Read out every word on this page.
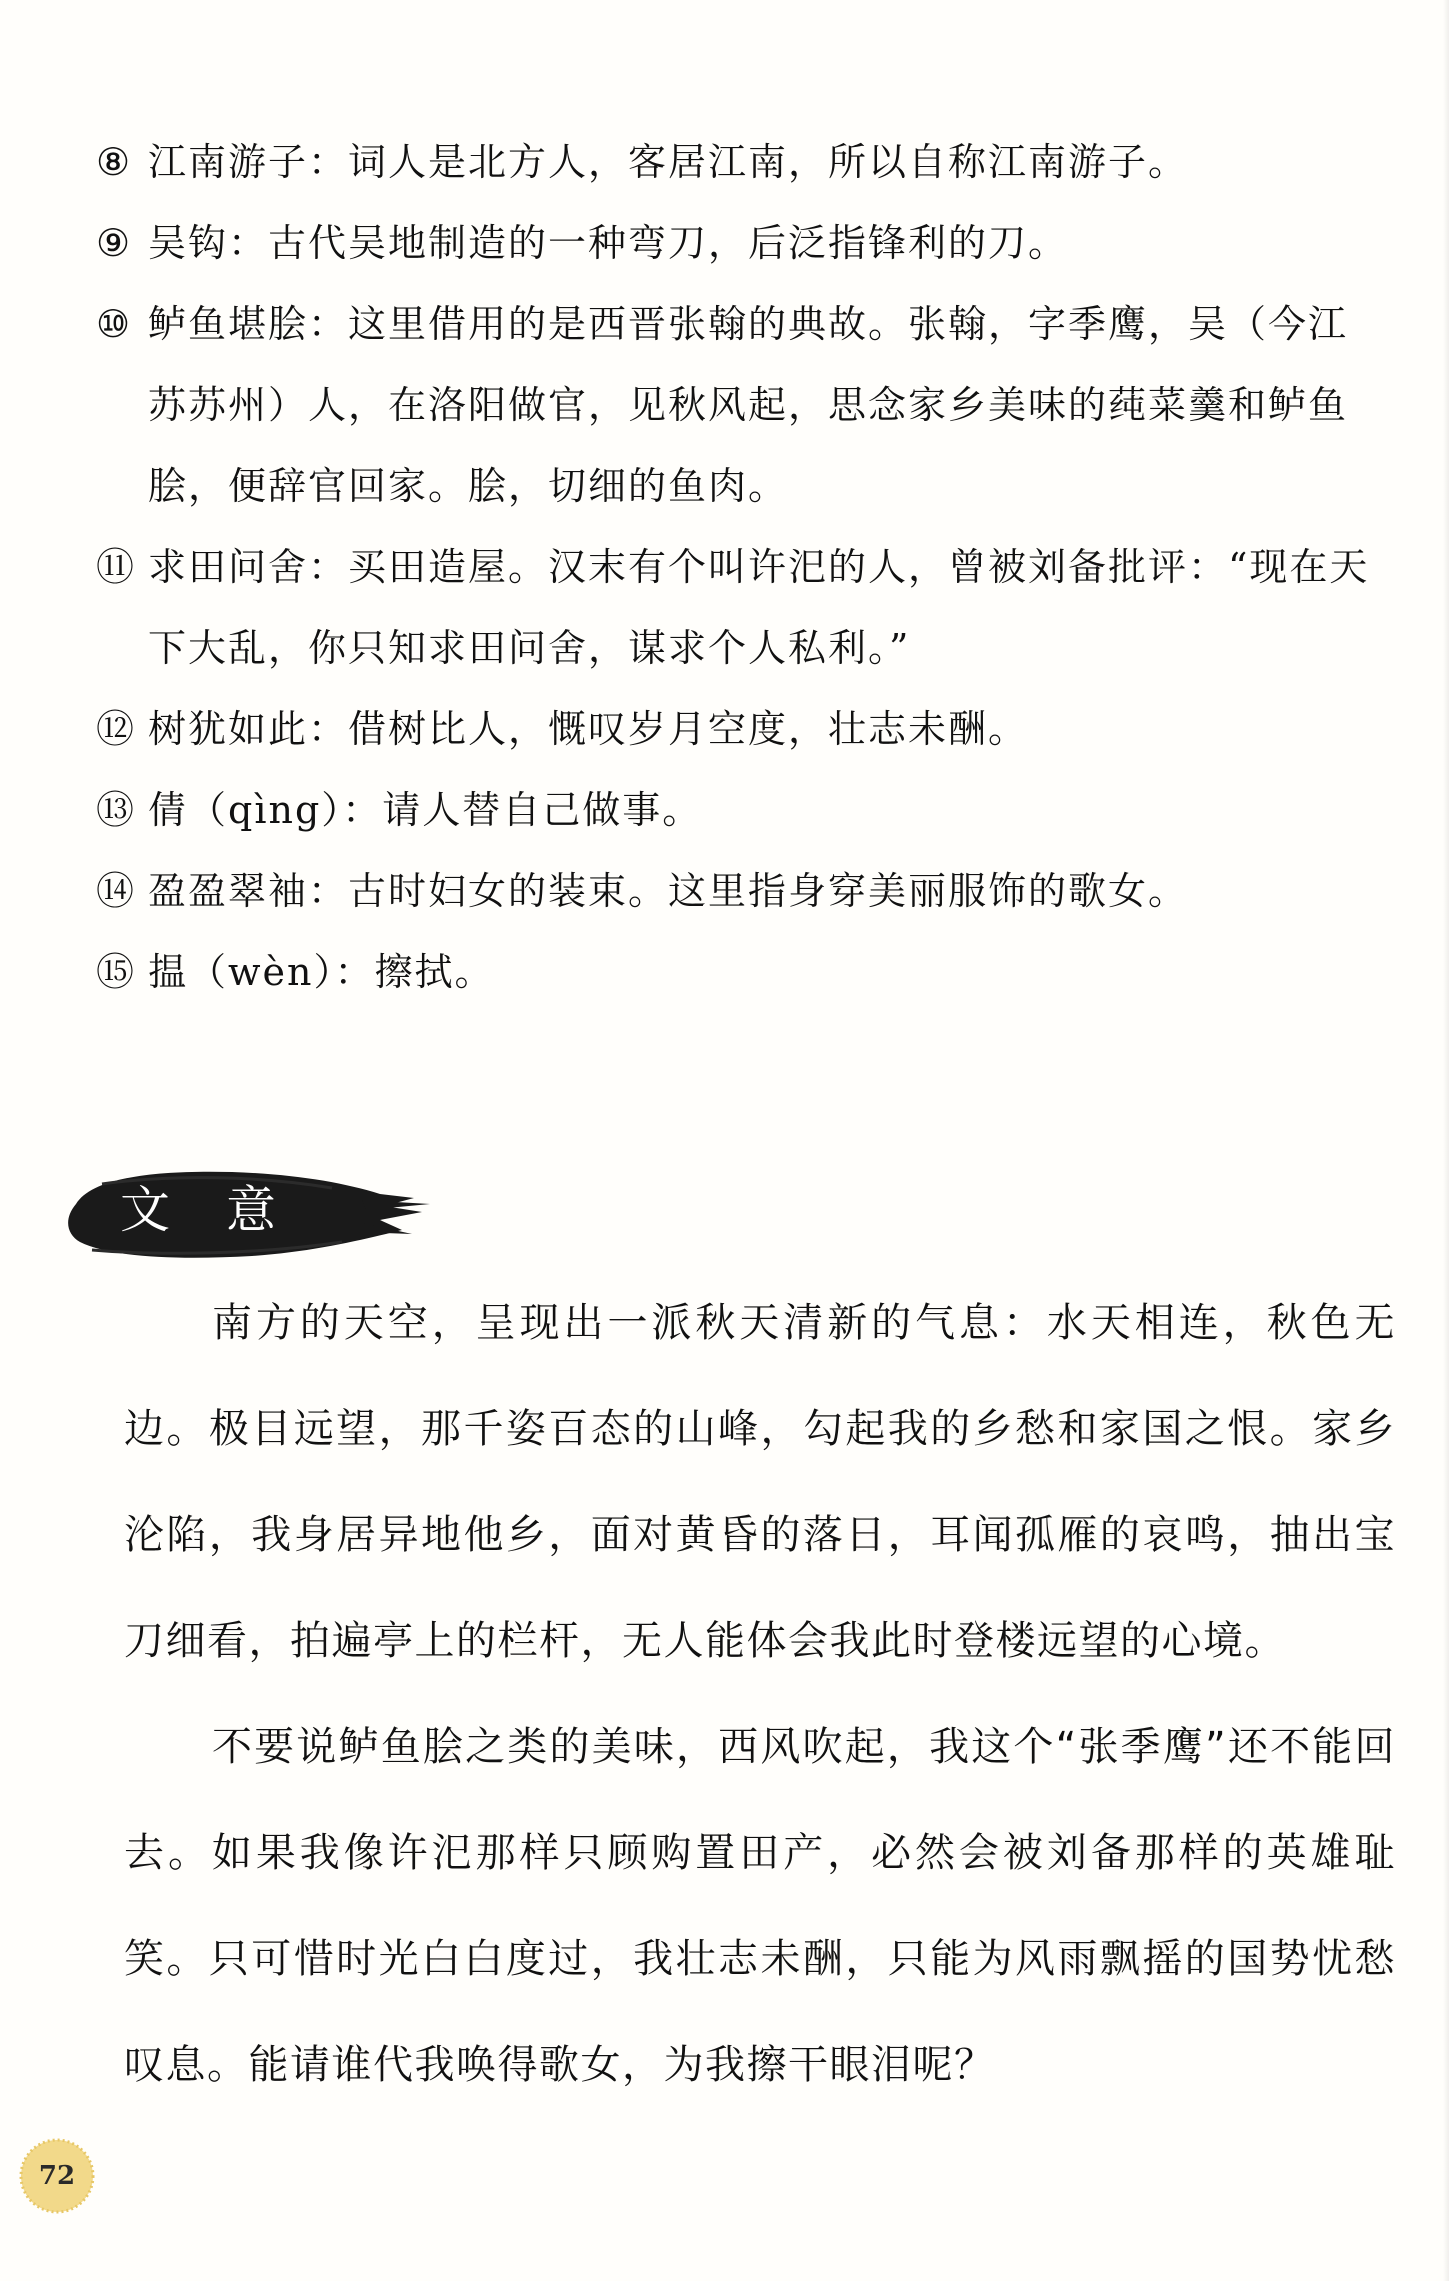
⑧ 江南游子：词人是北方人，客居江南，所以自称江南游子。
⑨ 吴钩：古代吴地制造的一种弯刀，后泛指锋利的刀。
⑩ 鲈鱼堪脍：这里借用的是西晋张翰的典故。张翰，字季鹰，吴（今江苏苏州）人，在洛阳做官，见秋风起，思念家乡美味的莼菜羹和鲈鱼脍，便辞官回家。脍，切细的鱼肉。
⑪ 求田问舍：买田造屋。汉末有个叫许汜的人，曾被刘备批评：“现在天下大乱，你只知求田问舍，谋求个人私利。”
⑫ 树犹如此：借树比人，慨叹岁月空度，壮志未酬。
⑬ 倩（qìng）：请人替自己做事。
⑭ 盈盈翠袖：古时妇女的装束。这里指身穿美丽服饰的歌女。
⑮ 揾（wèn）：擦拭。
文意

南方的天空，呈现出一派秋天清新的气息：水天相连，秋色无边。极目远望，那千姿百态的山峰，勾起我的乡愁和家国之恨。家乡沦陷，我身居异地他乡，面对黄昏的落日，耳闻孤雁的哀鸣，抽出宝刀细看，拍遍亭上的栏杆，无人能体会我此时登楼远望的心境。

不要说鲈鱼脍之类的美味，西风吹起，我这个“张季鹰”还不能回去。如果我像许汜那样只顾购置田产，必然会被刘备那样的英雄耻笑。只可惜时光白白度过，我壮志未酬，只能为风雨飘摇的国势忧愁叹息。能请谁代我唤得歌女，为我擦干眼泪呢？

72
